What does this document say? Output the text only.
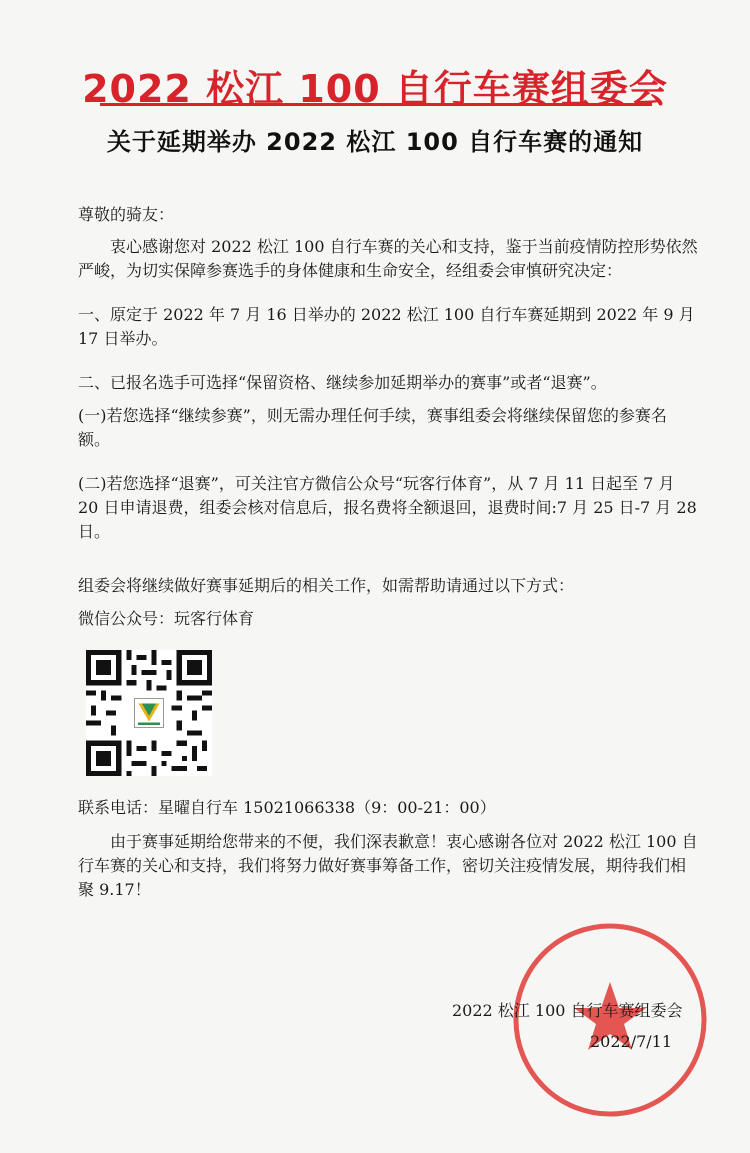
2022 松江 100 自行车赛组委会
关于延期举办 2022 松江 100 自行车赛的通知

尊敬的骑友：

衷心感谢您对 2022 松江 100 自行车赛的关心和支持，鉴于当前疫情防控形势依然严峻，为切实保障参赛选手的身体健康和生命安全，经组委会审慎研究决定：

一、原定于 2022 年 7 月 16 日举办的 2022 松江 100 自行车赛延期到 2022 年 9 月 17 日举办。

二、已报名选手可选择“保留资格、继续参加延期举办的赛事”或者“退赛”。

(一)若您选择“继续参赛”，则无需办理任何手续，赛事组委会将继续保留您的参赛名额。

(二)若您选择“退赛”，可关注官方微信公众号“玩客行体育”，从 7 月 11 日起至 7 月 20 日申请退费，组委会核对信息后，报名费将全额退回，退费时间:7 月 25 日-7 月 28 日。

组委会将继续做好赛事延期后的相关工作，如需帮助请通过以下方式：

微信公众号：玩客行体育

联系电话：星曜自行车 15021066338（9：00-21：00）

由于赛事延期给您带来的不便，我们深表歉意！衷心感谢各位对 2022 松江 100 自行车赛的关心和支持，我们将努力做好赛事筹备工作，密切关注疫情发展，期待我们相聚 9.17！

2022 松江 100 自行车赛组委会
2022/7/11
